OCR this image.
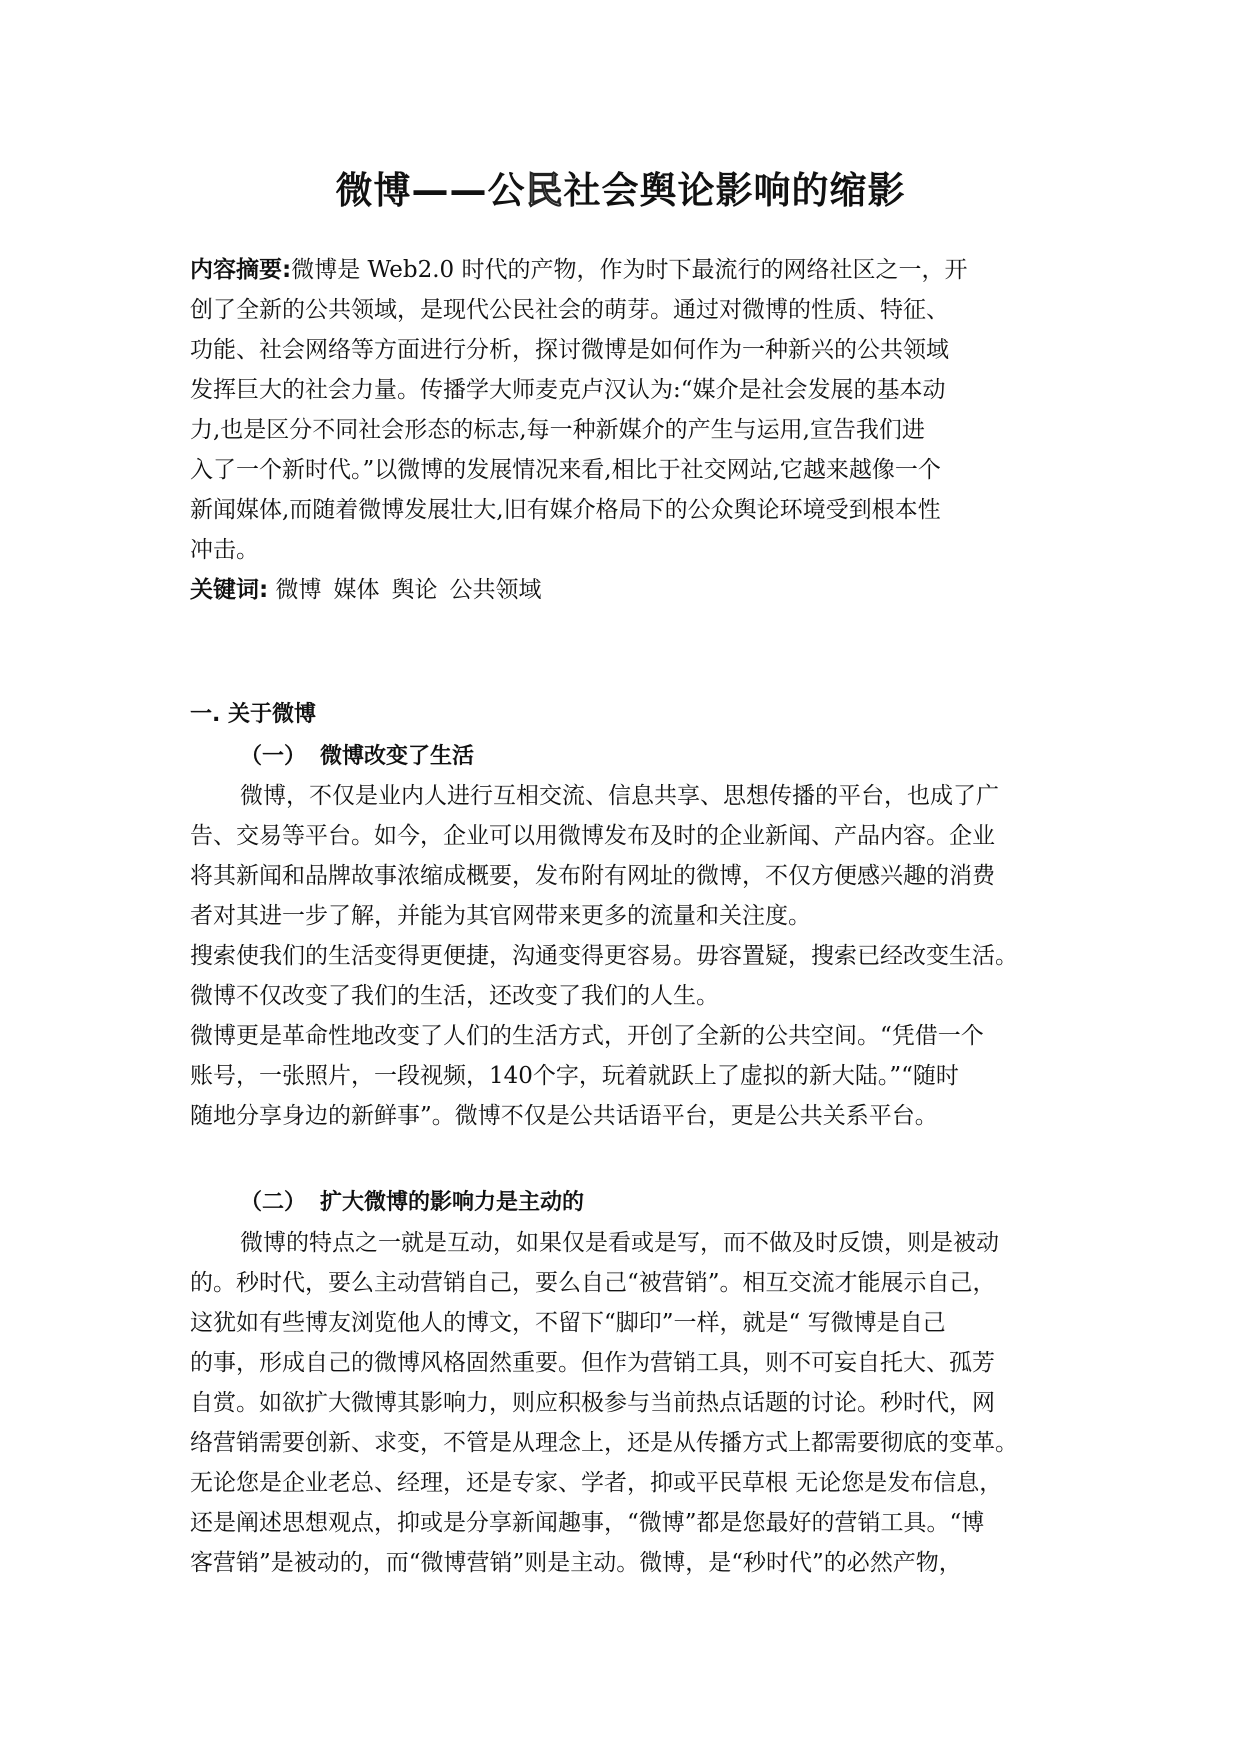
微博——公民社会舆论影响的缩影
内容摘要:微博是 Web2.0 时代的产物，作为时下最流行的网络社区之一，开
创了全新的公共领域，是现代公民社会的萌芽。通过对微博的性质、特征、
功能、社会网络等方面进行分析，探讨微博是如何作为一种新兴的公共领域
发挥巨大的社会力量。传播学大师麦克卢汉认为:“媒介是社会发展的基本动
力,也是区分不同社会形态的标志,每一种新媒介的产生与运用,宣告我们进
入了一个新时代。”以微博的发展情况来看,相比于社交网站,它越来越像一个
新闻媒体,而随着微博发展壮大,旧有媒介格局下的公众舆论环境受到根本性
冲击。
关键词: 微博 媒体 舆论 公共领域
一. 关于微博
（一） 微博改变了生活
微博，不仅是业内人进行互相交流、信息共享、思想传播的平台，也成了广
告、交易等平台。如今，企业可以用微博发布及时的企业新闻、产品内容。企业
将其新闻和品牌故事浓缩成概要，发布附有网址的微博，不仅方便感兴趣的消费
者对其进一步了解，并能为其官网带来更多的流量和关注度。
搜索使我们的生活变得更便捷，沟通变得更容易。毋容置疑，搜索已经改变生活。
微博不仅改变了我们的生活，还改变了我们的人生。
微博更是革命性地改变了人们的生活方式，开创了全新的公共空间。“凭借一个
账号，一张照片，一段视频，140个字，玩着就跃上了虚拟的新大陆。”“随时
随地分享身边的新鲜事”。微博不仅是公共话语平台，更是公共关系平台。
（二） 扩大微博的影响力是主动的
微博的特点之一就是互动，如果仅是看或是写，而不做及时反馈，则是被动
的。秒时代，要么主动营销自己，要么自己“被营销”。相互交流才能展示自己，
这犹如有些博友浏览他人的博文，不留下“脚印”一样，就是“ 写微博是自己
的事，形成自己的微博风格固然重要。但作为营销工具，则不可妄自托大、孤芳
自赏。如欲扩大微博其影响力，则应积极参与当前热点话题的讨论。秒时代，网
络营销需要创新、求变，不管是从理念上，还是从传播方式上都需要彻底的变革。
无论您是企业老总、经理，还是专家、学者，抑或平民草根 无论您是发布信息，
还是阐述思想观点，抑或是分享新闻趣事，“微博”都是您最好的营销工具。“博
客营销”是被动的，而“微博营销”则是主动。微博，是“秒时代”的必然产物，
